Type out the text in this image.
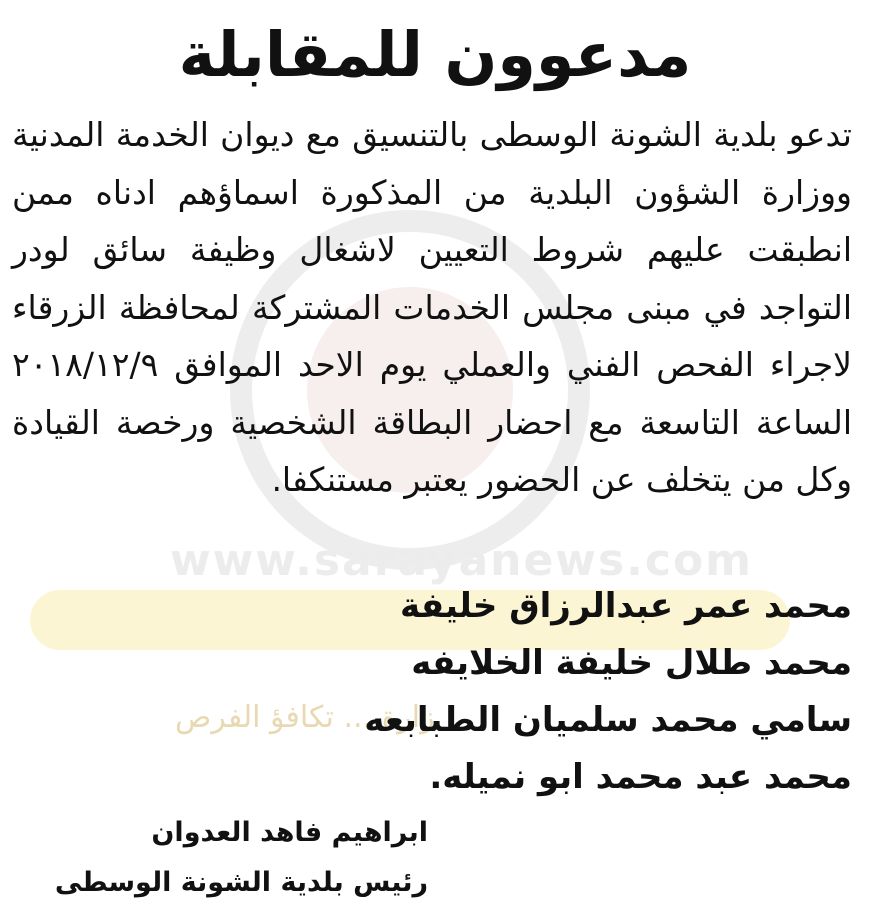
www.sarayanews.com
زارة ... تكافؤ الفرص
مدعوون للمقابلة
تدعو بلدية الشونة الوسطى بالتنسيق مع ديوان الخدمة المدنية ووزارة الشؤون البلدية من المذكورة اسماؤهم ادناه ممن انطبقت عليهم شروط التعيين لاشغال وظيفة سائق لودر التواجد في مبنى مجلس الخدمات المشتركة لمحافظة الزرقاء لاجراء الفحص الفني والعملي يوم الاحد الموافق ٢٠١٨/١٢/٩ الساعة التاسعة مع احضار البطاقة الشخصية ورخصة القيادة وكل من يتخلف عن الحضور يعتبر مستنكفا.
محمد عمر عبدالرزاق خليفة
محمد طلال خليفة الخلايفه
سامي محمد سلميان الطبابعه
محمد عبد محمد ابو نميله.
ابراهيم فاهد العدوان
رئيس بلدية الشونة الوسطى
